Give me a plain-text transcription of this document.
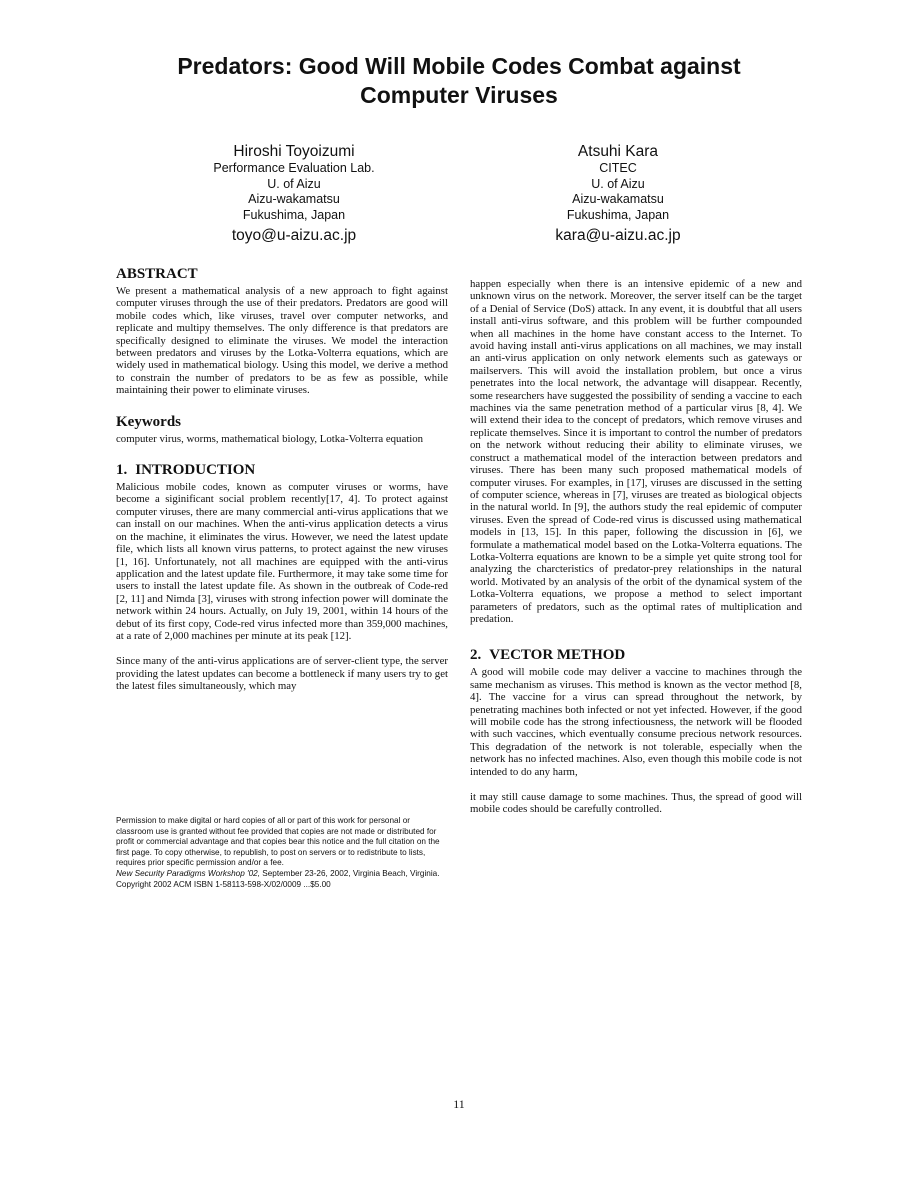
Predators: Good Will Mobile Codes Combat against
Computer Viruses
Hiroshi Toyoizumi
Performance Evaluation Lab.
U. of Aizu
Aizu-wakamatsu
Fukushima, Japan
toyo@u-aizu.ac.jp
Atsuhi Kara
CITEC
U. of Aizu
Aizu-wakamatsu
Fukushima, Japan
kara@u-aizu.ac.jp
ABSTRACT

We present a mathematical analysis of a new approach to fight against computer viruses through the use of their predators. Predators are good will mobile codes which, like viruses, travel over computer networks, and replicate and multipy themselves. The only difference is that predators are specifically designed to eliminate the viruses. We model the interaction between predators and viruses by the Lotka-Volterra equations, which are widely used in mathematical biology. Using this model, we derive a method to constrain the number of predators to be as few as possible, while maintaining their power to eliminate viruses.

Keywords

computer virus, worms, mathematical biology, Lotka-Volterra equation

1. INTRODUCTION

Malicious mobile codes, known as computer viruses or worms, have become a siginificant social problem recently[17, 4]. To protect against computer viruses, there are many commercial anti-virus applications that we can install on our machines. When the anti-virus application detects a virus on the machine, it eliminates the virus. However, we need the latest update file, which lists all known virus patterns, to protect against the new viruses [1, 16]. Unfortunately, not all machines are equipped with the anti-virus application and the latest update file. Furthermore, it may take some time for users to install the latest update file. As shown in the outbreak of Code-red [2, 11] and Nimda [3], viruses with strong infection power will dominate the network within 24 hours. Actually, on July 19, 2001, within 14 hours of the debut of its first copy, Code-red virus infected more than 359,000 machines, at a rate of 2,000 machines per minute at its peak [12].

Since many of the anti-virus applications are of server-client type, the server providing the latest updates can become a bottleneck if many users try to get the latest files simultaneously, which may

Permission to make digital or hard copies of all or part of this work for personal or classroom use is granted without fee provided that copies are not made or distributed for profit or commercial advantage and that copies bear this notice and the full citation on the first page. To copy otherwise, to republish, to post on servers or to redistribute to lists, requires prior specific permission and/or a fee.
New Security Paradigms Workshop '02, September 23-26, 2002, Virginia Beach, Virginia.
Copyright 2002 ACM ISBN 1-58113-598-X/02/0009 ...$5.00

happen especially when there is an intensive epidemic of a new and unknown virus on the network. Moreover, the server itself can be the target of a Denial of Service (DoS) attack. In any event, it is doubtful that all users install anti-virus software, and this problem will be further compounded when all machines in the home have constant access to the Internet. To avoid having install anti-virus applications on all machines, we may install an anti-virus application on only network elements such as gateways or mailservers. This will avoid the installation problem, but once a virus penetrates into the local network, the advantage will disappear. Recently, some researchers have suggested the possibility of sending a vaccine to each machines via the same penetration method of a particular virus [8, 4]. We will extend their idea to the concept of predators, which remove viruses and replicate themselves. Since it is important to control the number of predators on the network without reducing their ability to eliminate viruses, we construct a mathematical model of the interaction between predators and viruses. There has been many such proposed mathematical models of computer viruses. For examples, in [17], viruses are discussed in the setting of computer science, whereas in [7], viruses are treated as biological objects in the natural world. In [9], the authors study the real epidemic of computer viruses. Even the spread of Code-red virus is discussed using mathematical models in [13, 15]. In this paper, following the discussion in [6], we formulate a mathematical model based on the Lotka-Volterra equations. The Lotka-Volterra equations are known to be a simple yet quite strong tool for analyzing the charcteristics of predator-prey relationships in the natural world. Motivated by an analysis of the orbit of the dynamical system of the Lotka-Volterra equations, we propose a method to select important parameters of predators, such as the optimal rates of multiplication and predation.

2. VECTOR METHOD

A good will mobile code may deliver a vaccine to machines through the same mechanism as viruses. This method is known as the vector method [8, 4]. The vaccine for a virus can spread throughout the network, by penetrating machines both infected or not yet infected. However, if the good will mobile code has the strong infectiousness, the network will be flooded with such vaccines, which eventually consume precious network resources. This degradation of the network is not tolerable, especially when the network has no infected machines. Also, even though this mobile code is not intended to do any harm,

it may still cause damage to some machines. Thus, the spread of good will mobile codes should be carefully controlled.

11
